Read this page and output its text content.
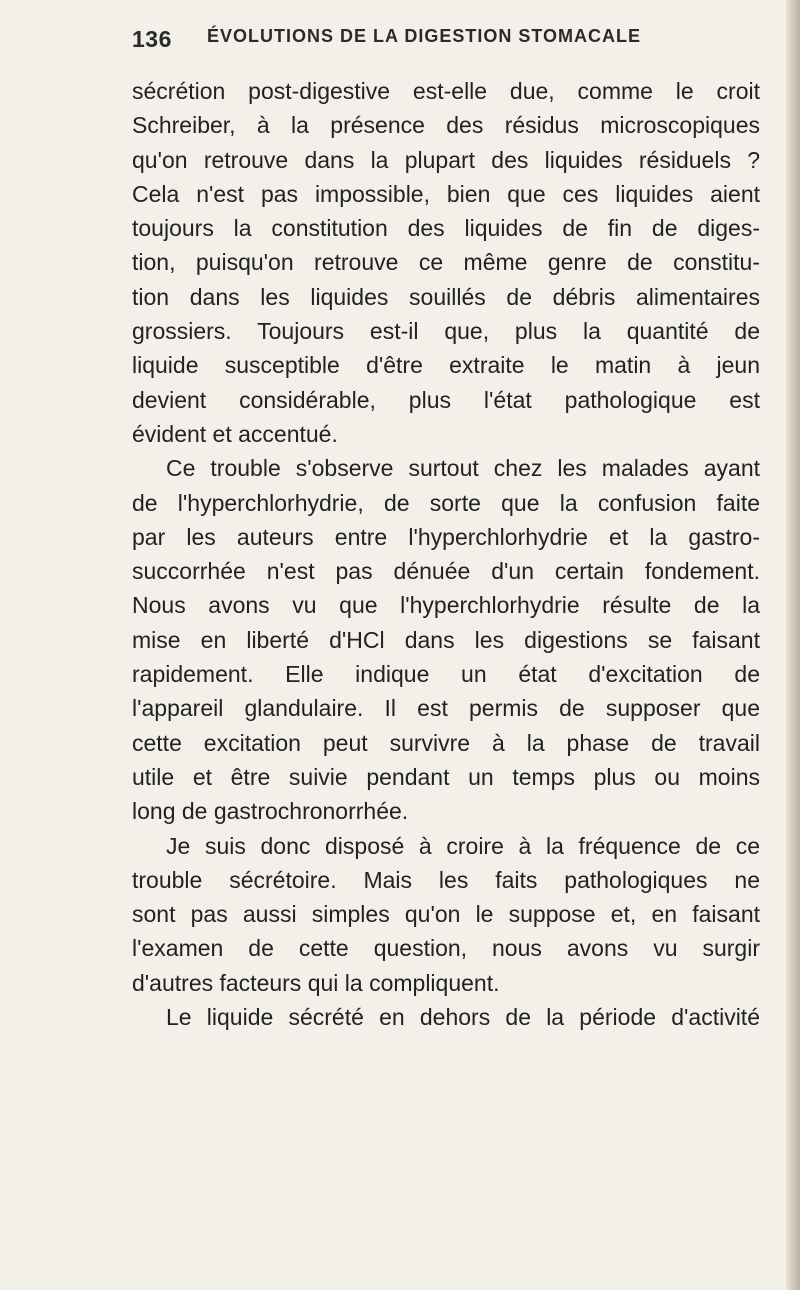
136 ÉVOLUTIONS DE LA DIGESTION STOMACALE
sécrétion post-digestive est-elle due, comme le croit
Schreiber, à la présence des résidus microscopiques
qu'on retrouve dans la plupart des liquides résiduels ?
Cela n'est pas impossible, bien que ces liquides aient
toujours la constitution des liquides de fin de diges-
tion, puisqu'on retrouve ce même genre de constitu-
tion dans les liquides souillés de débris alimentaires
grossiers. Toujours est-il que, plus la quantité de
liquide susceptible d'être extraite le matin à jeun
devient considérable, plus l'état pathologique est
évident et accentué.
Ce trouble s'observe surtout chez les malades ayant
de l'hyperchlorhydrie, de sorte que la confusion faite
par les auteurs entre l'hyperchlorhydrie et la gastro-
succorrhée n'est pas dénuée d'un certain fondement.
Nous avons vu que l'hyperchlorhydrie résulte de la
mise en liberté d'HCl dans les digestions se faisant
rapidement. Elle indique un état d'excitation de
l'appareil glandulaire. Il est permis de supposer que
cette excitation peut survivre à la phase de travail
utile et être suivie pendant un temps plus ou moins
long de gastrochronorrhée.
Je suis donc disposé à croire à la fréquence de ce
trouble sécrétoire. Mais les faits pathologiques ne
sont pas aussi simples qu'on le suppose et, en faisant
l'examen de cette question, nous avons vu surgir
d'autres facteurs qui la compliquent.
Le liquide sécrété en dehors de la période d'activité
